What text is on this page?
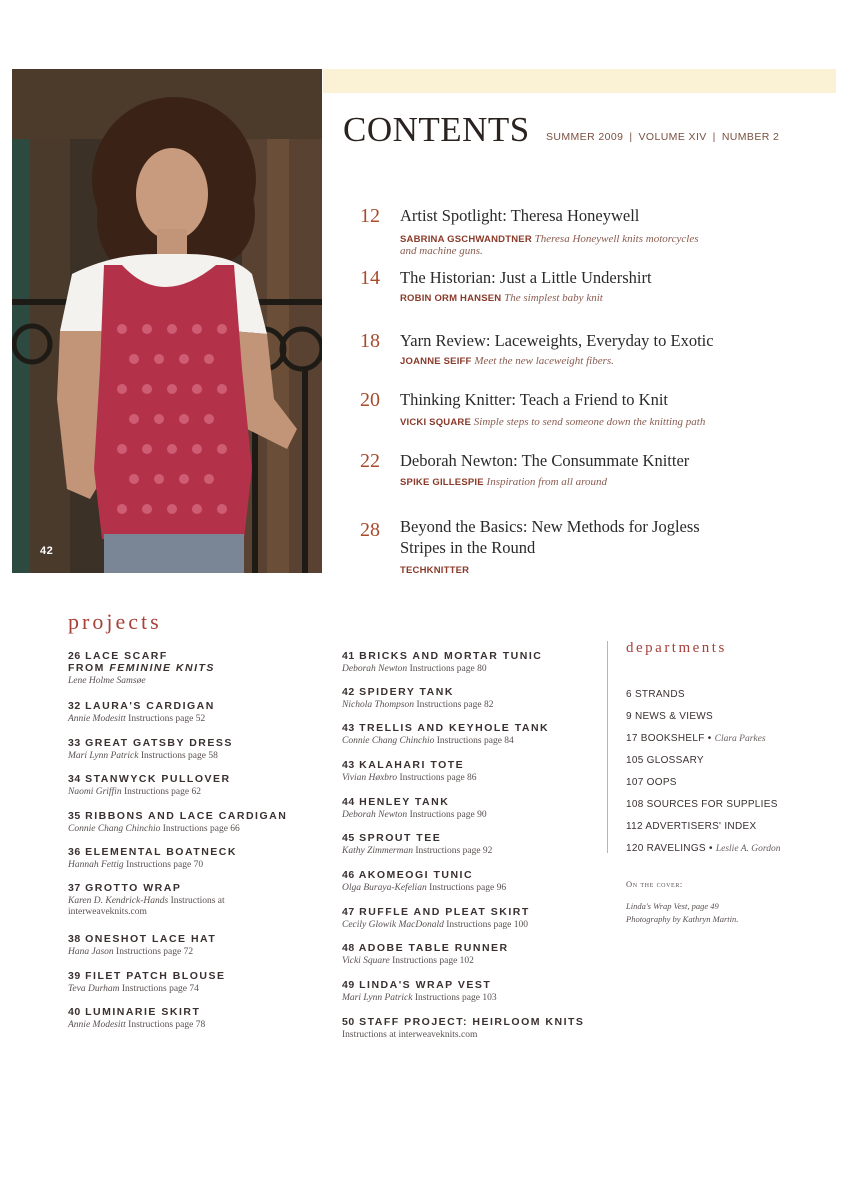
42
CONTENTS SUMMER 2009 | VOLUME XIV | NUMBER 2
12 Artist Spotlight: Theresa Honeywell
SABRINA GSCHWANDTNER Theresa Honeywell knits motorcycles
and machine guns.
14 The Historian: Just a Little Undershirt
ROBIN ORM HANSEN The simplest baby knit
18 Yarn Review: Laceweights, Everyday to Exotic
JOANNE SEIFF Meet the new laceweight fibers.
20 Thinking Knitter: Teach a Friend to Knit
VICKI SQUARE Simple steps to send someone down the knitting path
22 Deborah Newton: The Consummate Knitter
SPIKE GILLESPIE Inspiration from all around
28 Beyond the Basics: New Methods for Jogless
Stripes in the Round
TECHKNITTER
projects
26 LACE SCARF
FROM FEMININE KNITS
Lene Holme Samsøe
32 LAURA'S CARDIGAN
Annie Modesitt Instructions page 52
33 GREAT GATSBY DRESS
Mari Lynn Patrick Instructions page 58
34 STANWYCK PULLOVER
Naomi Griffin Instructions page 62
35 RIBBONS AND LACE CARDIGAN
Connie Chang Chinchio Instructions page 66
36 ELEMENTAL BOATNECK
Hannah Fettig Instructions page 70
37 GROTTO WRAP
Karen D. Kendrick-Hands Instructions at
interweaveknits.com
38 ONESHOT LACE HAT
Hana Jason Instructions page 72
39 FILET PATCH BLOUSE
Teva Durham Instructions page 74
40 LUMINARIE SKIRT
Annie Modesitt Instructions page 78
41 BRICKS AND MORTAR TUNIC
Deborah Newton Instructions page 80
42 SPIDERY TANK
Nichola Thompson Instructions page 82
43 TRELLIS AND KEYHOLE TANK
Connie Chang Chinchio Instructions page 84
43 KALAHARI TOTE
Vivian Høxbro Instructions page 86
44 HENLEY TANK
Deborah Newton Instructions page 90
45 SPROUT TEE
Kathy Zimmerman Instructions page 92
46 AKOMEOGI TUNIC
Olga Buraya-Kefelian Instructions page 96
47 RUFFLE AND PLEAT SKIRT
Cecily Glowik MacDonald Instructions page 100
48 ADOBE TABLE RUNNER
Vicki Square Instructions page 102
49 LINDA'S WRAP VEST
Mari Lynn Patrick Instructions page 103
50 STAFF PROJECT: HEIRLOOM KNITS
Instructions at interweaveknits.com
departments
6 STRANDS
9 NEWS & VIEWS
17 BOOKSHELF • Clara Parkes
105 GLOSSARY
107 OOPS
108 SOURCES FOR SUPPLIES
112 ADVERTISERS' INDEX
120 RAVELINGS • Leslie A. Gordon
On the cover:
Linda's Wrap Vest, page 49
Photography by Kathryn Martin.
